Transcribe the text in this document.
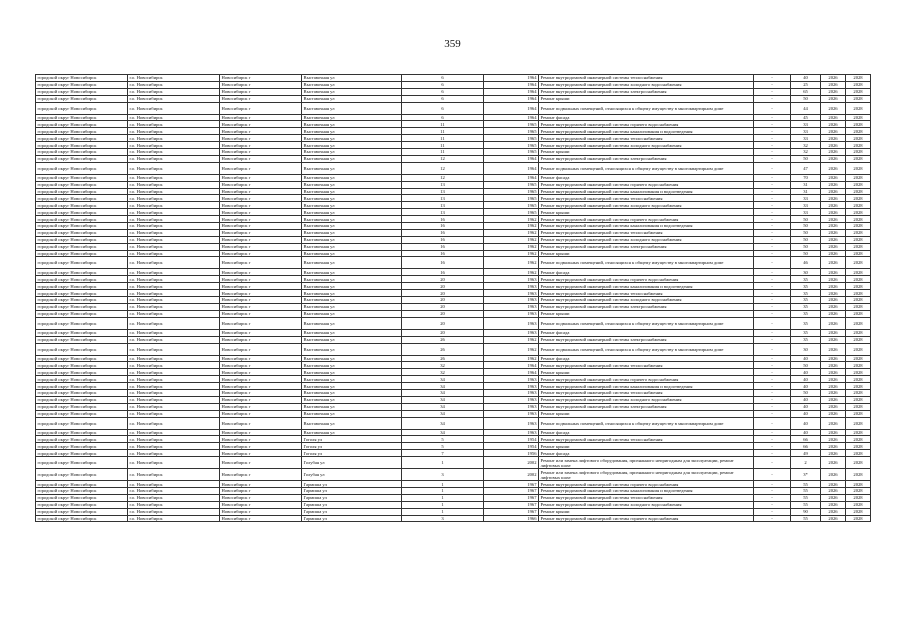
359
городской округ Новосибирск	г.о. Новосибирск	Новосибирск г	Выставочная ул	6	1964	Ремонт внутридомовой инженерной системы теплоснабжения	-	40	2026	2028
городской округ Новосибирск	г.о. Новосибирск	Новосибирск г	Выставочная ул	6	1964	Ремонт внутридомовой инженерной системы холодного водоснабжения	-	25	2026	2028
городской округ Новосибирск	г.о. Новосибирск	Новосибирск г	Выставочная ул	6	1964	Ремонт внутридомовой инженерной системы электроснабжения	-	65	2026	2028
городской округ Новосибирск	г.о. Новосибирск	Новосибирск г	Выставочная ул	6	1964	Ремонт крыши	-	50	2026	2028
городской округ Новосибирск	г.о. Новосибирск	Новосибирск г	Выставочная ул	6	1964	Ремонт подвальных помещений, относящихся к общему имуществу в многоквартирном доме	-	44	2026	2028
городской округ Новосибирск	г.о. Новосибирск	Новосибирск г	Выставочная ул	6	1964	Ремонт фасада	-	45	2026	2028
городской округ Новосибирск	г.о. Новосибирск	Новосибирск г	Выставочная ул	11	1965	Ремонт внутридомовой инженерной системы горячего водоснабжения	-	33	2026	2028
городской округ Новосибирск	г.о. Новосибирск	Новосибирск г	Выставочная ул	11	1965	Ремонт внутридомовой инженерной системы канализования и водоотведения	-	33	2026	2028
городской округ Новосибирск	г.о. Новосибирск	Новосибирск г	Выставочная ул	11	1965	Ремонт внутридомовой инженерной системы теплоснабжения	-	33	2026	2028
городской округ Новосибирск	г.о. Новосибирск	Новосибирск г	Выставочная ул	11	1965	Ремонт внутридомовой инженерной системы холодного водоснабжения	-	32	2026	2028
городской округ Новосибирск	г.о. Новосибирск	Новосибирск г	Выставочная ул	11	1965	Ремонт крыши	-	32	2026	2028
городской округ Новосибирск	г.о. Новосибирск	Новосибирск г	Выставочная ул	12	1964	Ремонт внутридомовой инженерной системы электроснабжения	-	50	2026	2028
городской округ Новосибирск	г.о. Новосибирск	Новосибирск г	Выставочная ул	12	1964	Ремонт подвальных помещений, относящихся к общему имуществу в многоквартирном доме	-	47	2026	2028
городской округ Новосибирск	г.о. Новосибирск	Новосибирск г	Выставочная ул	12	1964	Ремонт фасада	-	70	2026	2028
городской округ Новосибирск	г.о. Новосибирск	Новосибирск г	Выставочная ул	13	1965	Ремонт внутридомовой инженерной системы горячего водоснабжения	-	31	2026	2028
городской округ Новосибирск	г.о. Новосибирск	Новосибирск г	Выставочная ул	13	1965	Ремонт внутридомовой инженерной системы канализования и водоотведения	-	31	2026	2028
городской округ Новосибирск	г.о. Новосибирск	Новосибирск г	Выставочная ул	13	1965	Ремонт внутридомовой инженерной системы теплоснабжения	-	33	2026	2028
городской округ Новосибирск	г.о. Новосибирск	Новосибирск г	Выставочная ул	13	1965	Ремонт внутридомовой инженерной системы холодного водоснабжения	-	33	2026	2028
городской округ Новосибирск	г.о. Новосибирск	Новосибирск г	Выставочная ул	13	1965	Ремонт крыши	-	33	2026	2028
городской округ Новосибирск	г.о. Новосибирск	Новосибирск г	Выставочная ул	16	1962	Ремонт внутридомовой инженерной системы горячего водоснабжения	-	50	2026	2028
городской округ Новосибирск	г.о. Новосибирск	Новосибирск г	Выставочная ул	16	1962	Ремонт внутридомовой инженерной системы канализования и водоотведения	-	50	2026	2028
городской округ Новосибирск	г.о. Новосибирск	Новосибирск г	Выставочная ул	16	1962	Ремонт внутридомовой инженерной системы теплоснабжения	-	50	2026	2028
городской округ Новосибирск	г.о. Новосибирск	Новосибирск г	Выставочная ул	16	1962	Ремонт внутридомовой инженерной системы холодного водоснабжения	-	50	2026	2028
городской округ Новосибирск	г.о. Новосибирск	Новосибирск г	Выставочная ул	16	1962	Ремонт внутридомовой инженерной системы электроснабжения	-	50	2026	2028
городской округ Новосибирск	г.о. Новосибирск	Новосибирск г	Выставочная ул	16	1962	Ремонт крыши	-	50	2026	2028
городской округ Новосибирск	г.о. Новосибирск	Новосибирск г	Выставочная ул	16	1962	Ремонт подвальных помещений, относящихся к общему имуществу в многоквартирном доме	-	46	2026	2028
городской округ Новосибирск	г.о. Новосибирск	Новосибирск г	Выставочная ул	16	1962	Ремонт фасада	-	30	2026	2028
городской округ Новосибирск	г.о. Новосибирск	Новосибирск г	Выставочная ул	20	1963	Ремонт внутридомовой инженерной системы горячего водоснабжения	-	35	2026	2028
городской округ Новосибирск	г.о. Новосибирск	Новосибирск г	Выставочная ул	20	1963	Ремонт внутридомовой инженерной системы канализования и водоотведения	-	35	2026	2028
городской округ Новосибирск	г.о. Новосибирск	Новосибирск г	Выставочная ул	20	1963	Ремонт внутридомовой инженерной системы теплоснабжения	-	35	2026	2028
городской округ Новосибирск	г.о. Новосибирск	Новосибирск г	Выставочная ул	20	1963	Ремонт внутридомовой инженерной системы холодного водоснабжения	-	35	2026	2028
городской округ Новосибирск	г.о. Новосибирск	Новосибирск г	Выставочная ул	20	1963	Ремонт внутридомовой инженерной системы электроснабжения	-	35	2026	2028
городской округ Новосибирск	г.о. Новосибирск	Новосибирск г	Выставочная ул	20	1963	Ремонт крыши	-	35	2026	2028
городской округ Новосибирск	г.о. Новосибирск	Новосибирск г	Выставочная ул	20	1963	Ремонт подвальных помещений, относящихся к общему имуществу в многоквартирном доме	-	35	2026	2028
городской округ Новосибирск	г.о. Новосибирск	Новосибирск г	Выставочная ул	20	1963	Ремонт фасада	-	35	2026	2028
городской округ Новосибирск	г.о. Новосибирск	Новосибирск г	Выставочная ул	26	1962	Ремонт внутридомовой инженерной системы электроснабжения	-	35	2026	2028
городской округ Новосибирск	г.о. Новосибирск	Новосибирск г	Выставочная ул	26	1962	Ремонт подвальных помещений, относящихся к общему имуществу в многоквартирном доме	-	30	2026	2028
городской округ Новосибирск	г.о. Новосибирск	Новосибирск г	Выставочная ул	26	1962	Ремонт фасада	-	40	2026	2028
городской округ Новосибирск	г.о. Новосибирск	Новосибирск г	Выставочная ул	32	1964	Ремонт внутридомовой инженерной системы теплоснабжения	-	50	2026	2028
городской округ Новосибирск	г.о. Новосибирск	Новосибирск г	Выставочная ул	32	1964	Ремонт крыши	-	40	2026	2028
городской округ Новосибирск	г.о. Новосибирск	Новосибирск г	Выставочная ул	34	1963	Ремонт внутридомовой инженерной системы горячего водоснабжения	-	40	2026	2028
городской округ Новосибирск	г.о. Новосибирск	Новосибирск г	Выставочная ул	34	1963	Ремонт внутридомовой инженерной системы канализования и водоотведения	-	40	2026	2028
городской округ Новосибирск	г.о. Новосибирск	Новосибирск г	Выставочная ул	34	1963	Ремонт внутридомовой инженерной системы теплоснабжения	-	50	2026	2028
городской округ Новосибирск	г.о. Новосибирск	Новосибирск г	Выставочная ул	34	1963	Ремонт внутридомовой инженерной системы холодного водоснабжения	-	40	2026	2028
городской округ Новосибирск	г.о. Новосибирск	Новосибирск г	Выставочная ул	34	1963	Ремонт внутридомовой инженерной системы электроснабжения	-	40	2026	2028
городской округ Новосибирск	г.о. Новосибирск	Новосибирск г	Выставочная ул	34	1963	Ремонт крыши	-	40	2026	2028
городской округ Новосибирск	г.о. Новосибирск	Новосибирск г	Выставочная ул	34	1963	Ремонт подвальных помещений, относящихся к общему имуществу в многоквартирном доме	-	40	2026	2028
городской округ Новосибирск	г.о. Новосибирск	Новосибирск г	Выставочная ул	34	1963	Ремонт фасада	-	40	2026	2028
городской округ Новосибирск	г.о. Новосибирск	Новосибирск г	Гоголя ул	5	1954	Ремонт внутридомовой инженерной системы теплоснабжения	-	66	2026	2028
городской округ Новосибирск	г.о. Новосибирск	Новосибирск г	Гоголя ул	5	1954	Ремонт крыши	-	66	2026	2028
городской округ Новосибирск	г.о. Новосибирск	Новосибирск г	Гоголя ул	7	1956	Ремонт фасада	-	49	2026	2028
городской округ Новосибирск	г.о. Новосибирск	Новосибирск г	Голубая ул	1	2002	Ремонт или замена лифтового оборудования, признанного непригодным для эксплуатации, ремонт лифтовых шахт	-	2	2026	2028
городской округ Новосибирск	г.о. Новосибирск	Новосибирск г	Голубая ул	3	2002	Ремонт или замена лифтового оборудования, признанного непригодным для эксплуатации, ремонт лифтовых шахт	-	3*	2026	2028
городской округ Новосибирск	г.о. Новосибирск	Новосибирск г	Гармиша ул	1	1967	Ремонт внутридомовой инженерной системы горячего водоснабжения	-	55	2026	2028
городской округ Новосибирск	г.о. Новосибирск	Новосибирск г	Гармиша ул	1	1967	Ремонт внутридомовой инженерной системы канализования и водоотведения	-	55	2026	2028
городской округ Новосибирск	г.о. Новосибирск	Новосибирск г	Гармиша ул	1	1967	Ремонт внутридомовой инженерной системы теплоснабжения	-	55	2026	2028
городской округ Новосибирск	г.о. Новосибирск	Новосибирск г	Гармиша ул	1	1967	Ремонт внутридомовой инженерной системы холодного водоснабжения	-	55	2026	2028
городской округ Новосибирск	г.о. Новосибирск	Новосибирск г	Гармиша ул	1	1967	Ремонт крыши	-	90	2026	2028
городской округ Новосибирск	г.о. Новосибирск	Новосибирск г	Гармиша ул	3	1966	Ремонт внутридомовой инженерной системы горячего водоснабжения	-	55	2026	2028
